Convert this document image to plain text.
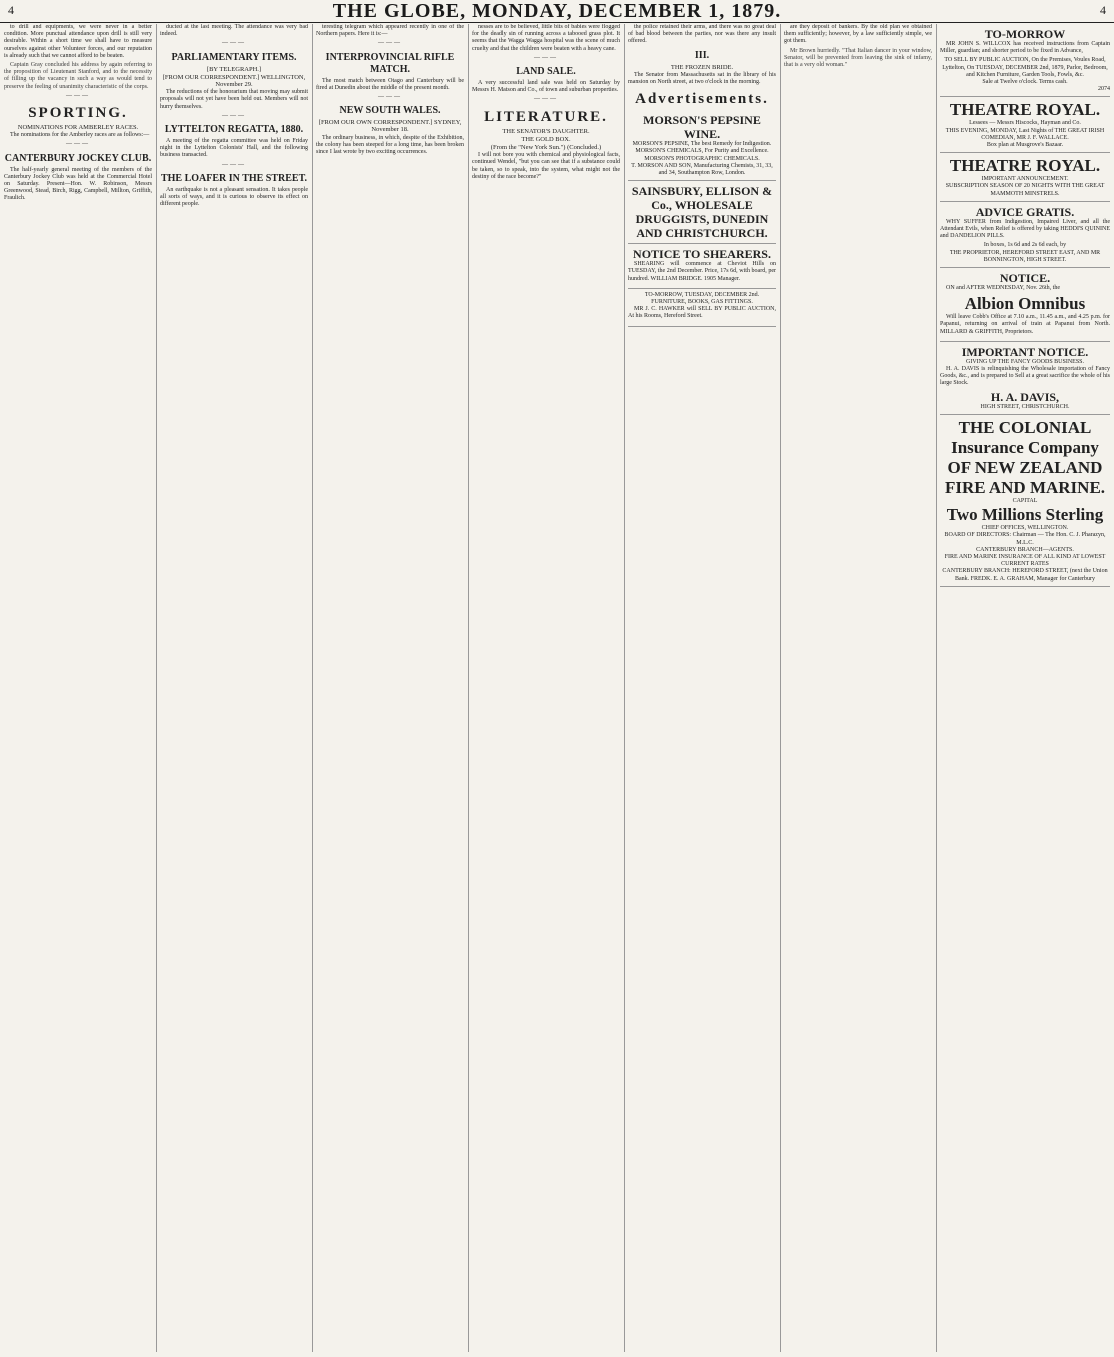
4	THE GLOBE, MONDAY, DECEMBER 1, 1879.	4
to drill and equipments, we were never in a better condition. More punctual attendance upon drill is still very desirable. Within a short time we shall have to measure ourselves against other Volunteer forces, and our reputation is already such that we cannot afford to be beaten.
Captain Gray concluded his address by again referring to the proposition of Lieutenant Stanford, and to the necessity of filling up the vacancy in such a way as would tend to preserve the feeling of unanimity characteristic of the corps.
———
SPORTING.
NOMINATIONS FOR AMBERLEY RACES.
The nominations for the Amberley races are as follows:—
———
CANTERBURY JOCKEY CLUB.
The half-yearly general meeting of the members of the Canterbury Jockey Club was held at the Commercial Hotel on Saturday. Present—Hon. W. Robinson, Messrs Greenwood, Stead, Birch, Rigg, Campbell, Millton, Griffith, Fraulich.
ducted at the last meeting. The attendance was very bad indeed.
———
PARLIAMENTARY ITEMS.
[BY TELEGRAPH.]
[FROM OUR CORRESPONDENT.] WELLINGTON, November 29.
The reductions of the honorarium that moving may submit proposals will not yet have been held out. Members will not hurry themselves.
———
LYTTELTON REGATTA, 1880.
A meeting of the regatta committee was held on Friday night in the Lyttelton Colonists' Hall, and the following business transacted.
———
THE LOAFER IN THE STREET.
An earthquake is not a pleasant sensation. It takes people all sorts of ways, and it is curious to observe its effect on different people.
teresting telegram which appeared recently in one of the Northern papers. Here it is:—
———
INTERPROVINCIAL RIFLE MATCH.
The most match between Otago and Canterbury will be fired at Dunedin about the middle of the present month.
———
NEW SOUTH WALES.
[FROM OUR OWN CORRESPONDENT.] SYDNEY, November 18.
The ordinary business, in which, despite of the Exhibition, the colony has been steeped for a long time, has been broken since I last wrote by two exciting occurrences.
nesses are to be believed, little bits of babies were flogged for the deadly sin of running across a tabooed grass plot. It seems that the Wagga Wagga hospital was the scene of much cruelty and that the children were beaten with a heavy cane.
———
LAND SALE.
A very successful land sale was held on Saturday by Messrs H. Matson and Co., of town and suburban properties.
———
LITERATURE.
THE SENATOR'S DAUGHTER.
THE GOLD BOX.
(From the "New York Sun.") (Concluded.)
I will not bore you with chemical and physiological facts, continued Wendel, "but you can see that if a substance could be taken, so to speak, into the system, what might not the destiny of the race become?"
the police retained their arms, and there was no great deal of bad blood between the parties, nor was there any insult offered.
III.
THE FROZEN BRIDE.
The Senator from Massachusetts sat in the library of his mansion on North street, at two o'clock in the morning.
Advertisements.
MORSON'S PEPSINE WINE.
MORSON'S PEPSINE, The best Remedy for Indigestion. MORSON'S CHEMICALS, For Purity and Excellence. MORSON'S PHOTOGRAPHIC CHEMICALS.
T. MORSON AND SON, Manufacturing Chemists, 31, 33, and 34, Southampton Row, London.
SAINSBURY, ELLISON & Co., WHOLESALE DRUGGISTS, DUNEDIN AND CHRISTCHURCH.
NOTICE TO SHEARERS.
SHEARING will commence at Cheviot Hills on TUESDAY, the 2nd December. Price, 17s 6d, with board, per hundred. WILLIAM BRIDGE. 1905 Manager.
TO-MORROW, TUESDAY, DECEMBER 2nd. FURNITURE, BOOKS, GAS FITTINGS.
MR J. C. HAWKER will SELL BY PUBLIC AUCTION, At his Rooms, Hereford Street.
are they deposit of bankers. By the old plan we obtained them sufficiently; however, by a law sufficiently simple, we got them.
Mr Brown hurriedly. "That Italian dancer in your window, Senator, will be prevented from leaving the sink of infamy, that is a very old woman."
TO-MORROW
MR JOHN S. WILLCOX has received instructions from Captain Miller, guardian; and shorter period to be fixed in Advance,
TO SELL BY PUBLIC AUCTION, On the Premises, Voules Road, Lyttelton, On TUESDAY, DECEMBER 2nd, 1879, Parlor, Bedroom, and Kitchen Furniture, Garden Tools, Fowls, &c.
Sale at Twelve o'clock. Terms cash.
2074
THEATRE ROYAL.
Lessees — Messrs Hiscocks, Hayman and Co.
THIS EVENING, MONDAY, Last Nights of THE GREAT IRISH COMEDIAN, MR J. F. WALLACE.
Box plan at Musgrove's Bazaar.
THEATRE ROYAL.
IMPORTANT ANNOUNCEMENT.
SUBSCRIPTION SEASON OF 20 NIGHTS WITH THE GREAT MAMMOTH MINSTRELS.
ADVICE GRATIS.
WHY SUFFER from Indigestion, Impaired Liver, and all the Attendant Evils, when Relief is offered by taking HEDDI'S QUININE and DANDELION PILLS.
In boxes, 1s 6d and 2s 6d each, by
THE PROPRIETOR, HEREFORD STREET EAST, AND MR BONNINGTON, HIGH STREET.
NOTICE.
ON and AFTER WEDNESDAY, Nov. 26th, the
Albion Omnibus
Will leave Cobb's Office at 7.10 a.m., 11.45 a.m., and 4.25 p.m. for Papanui, returning on arrival of train at Papanui from North. MILLARD & GRIFFITH, Proprietors.
IMPORTANT NOTICE.
GIVING UP THE FANCY GOODS BUSINESS.
H. A. DAVIS is relinquishing the Wholesale importation of Fancy Goods, &c., and is prepared to Sell at a great sacrifice the whole of his large Stock.
H. A. DAVIS,
HIGH STREET, CHRISTCHURCH.
THE COLONIAL Insurance Company OF NEW ZEALAND FIRE AND MARINE.
CAPITAL
Two Millions Sterling
CHIEF OFFICES, WELLINGTON.
BOARD OF DIRECTORS: Chairman — The Hon. C. J. Pharazyn, M.L.C.
CANTERBURY BRANCH—AGENTS.
FIRE AND MARINE INSURANCE OF ALL KIND AT LOWEST CURRENT RATES
CANTERBURY BRANCH: HEREFORD STREET, (next the Union Bank. FREDK. E. A. GRAHAM, Manager for Canterbury
